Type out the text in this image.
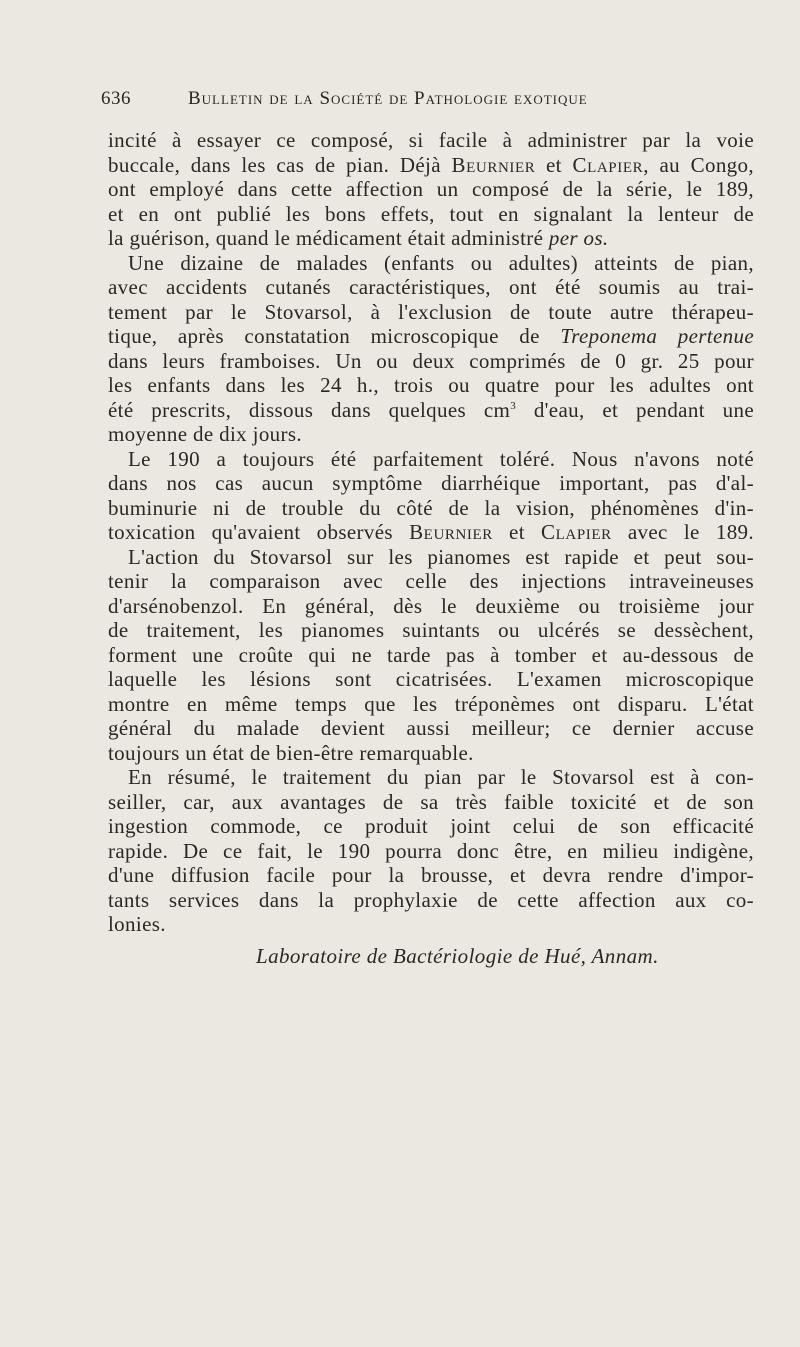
636	Bulletin de la Société de Pathologie exotique
incité à essayer ce composé, si facile à administrer par la voie
buccale, dans les cas de pian. Déjà Beurnier et Clapier, au Congo,
ont employé dans cette affection un composé de la série, le 189,
et en ont publié les bons effets, tout en signalant la lenteur de
la guérison, quand le médicament était administré per os.
Une dizaine de malades (enfants ou adultes) atteints de pian,
avec accidents cutanés caractéristiques, ont été soumis au trai-
tement par le Stovarsol, à l'exclusion de toute autre thérapeu-
tique, après constatation microscopique de Treponema pertenue
dans leurs framboises. Un ou deux comprimés de 0 gr. 25 pour
les enfants dans les 24 h., trois ou quatre pour les adultes ont
été prescrits, dissous dans quelques $cm^3$ d'eau, et pendant une
moyenne de dix jours.
Le 190 a toujours été parfaitement toléré. Nous n'avons noté
dans nos cas aucun symptôme diarrhéique important, pas d'al-
buminurie ni de trouble du côté de la vision, phénomènes d'in-
toxication qu'avaient observés Beurnier et Clapier avec le 189.
L'action du Stovarsol sur les pianomes est rapide et peut sou-
tenir la comparaison avec celle des injections intraveineuses
d'arsénobenzol. En général, dès le deuxième ou troisième jour
de traitement, les pianomes suintants ou ulcérés se dessèchent,
forment une croûte qui ne tarde pas à tomber et au-dessous de
laquelle les lésions sont cicatrisées. L'examen microscopique
montre en même temps que les tréponèmes ont disparu. L'état
général du malade devient aussi meilleur; ce dernier accuse
toujours un état de bien-être remarquable.
En résumé, le traitement du pian par le Stovarsol est à con-
seiller, car, aux avantages de sa très faible toxicité et de son
ingestion commode, ce produit joint celui de son efficacité
rapide. De ce fait, le 190 pourra donc être, en milieu indigène,
d'une diffusion facile pour la brousse, et devra rendre d'impor-
tants services dans la prophylaxie de cette affection aux co-
lonies.
Laboratoire de Bactériologie de Hué, Annam.
